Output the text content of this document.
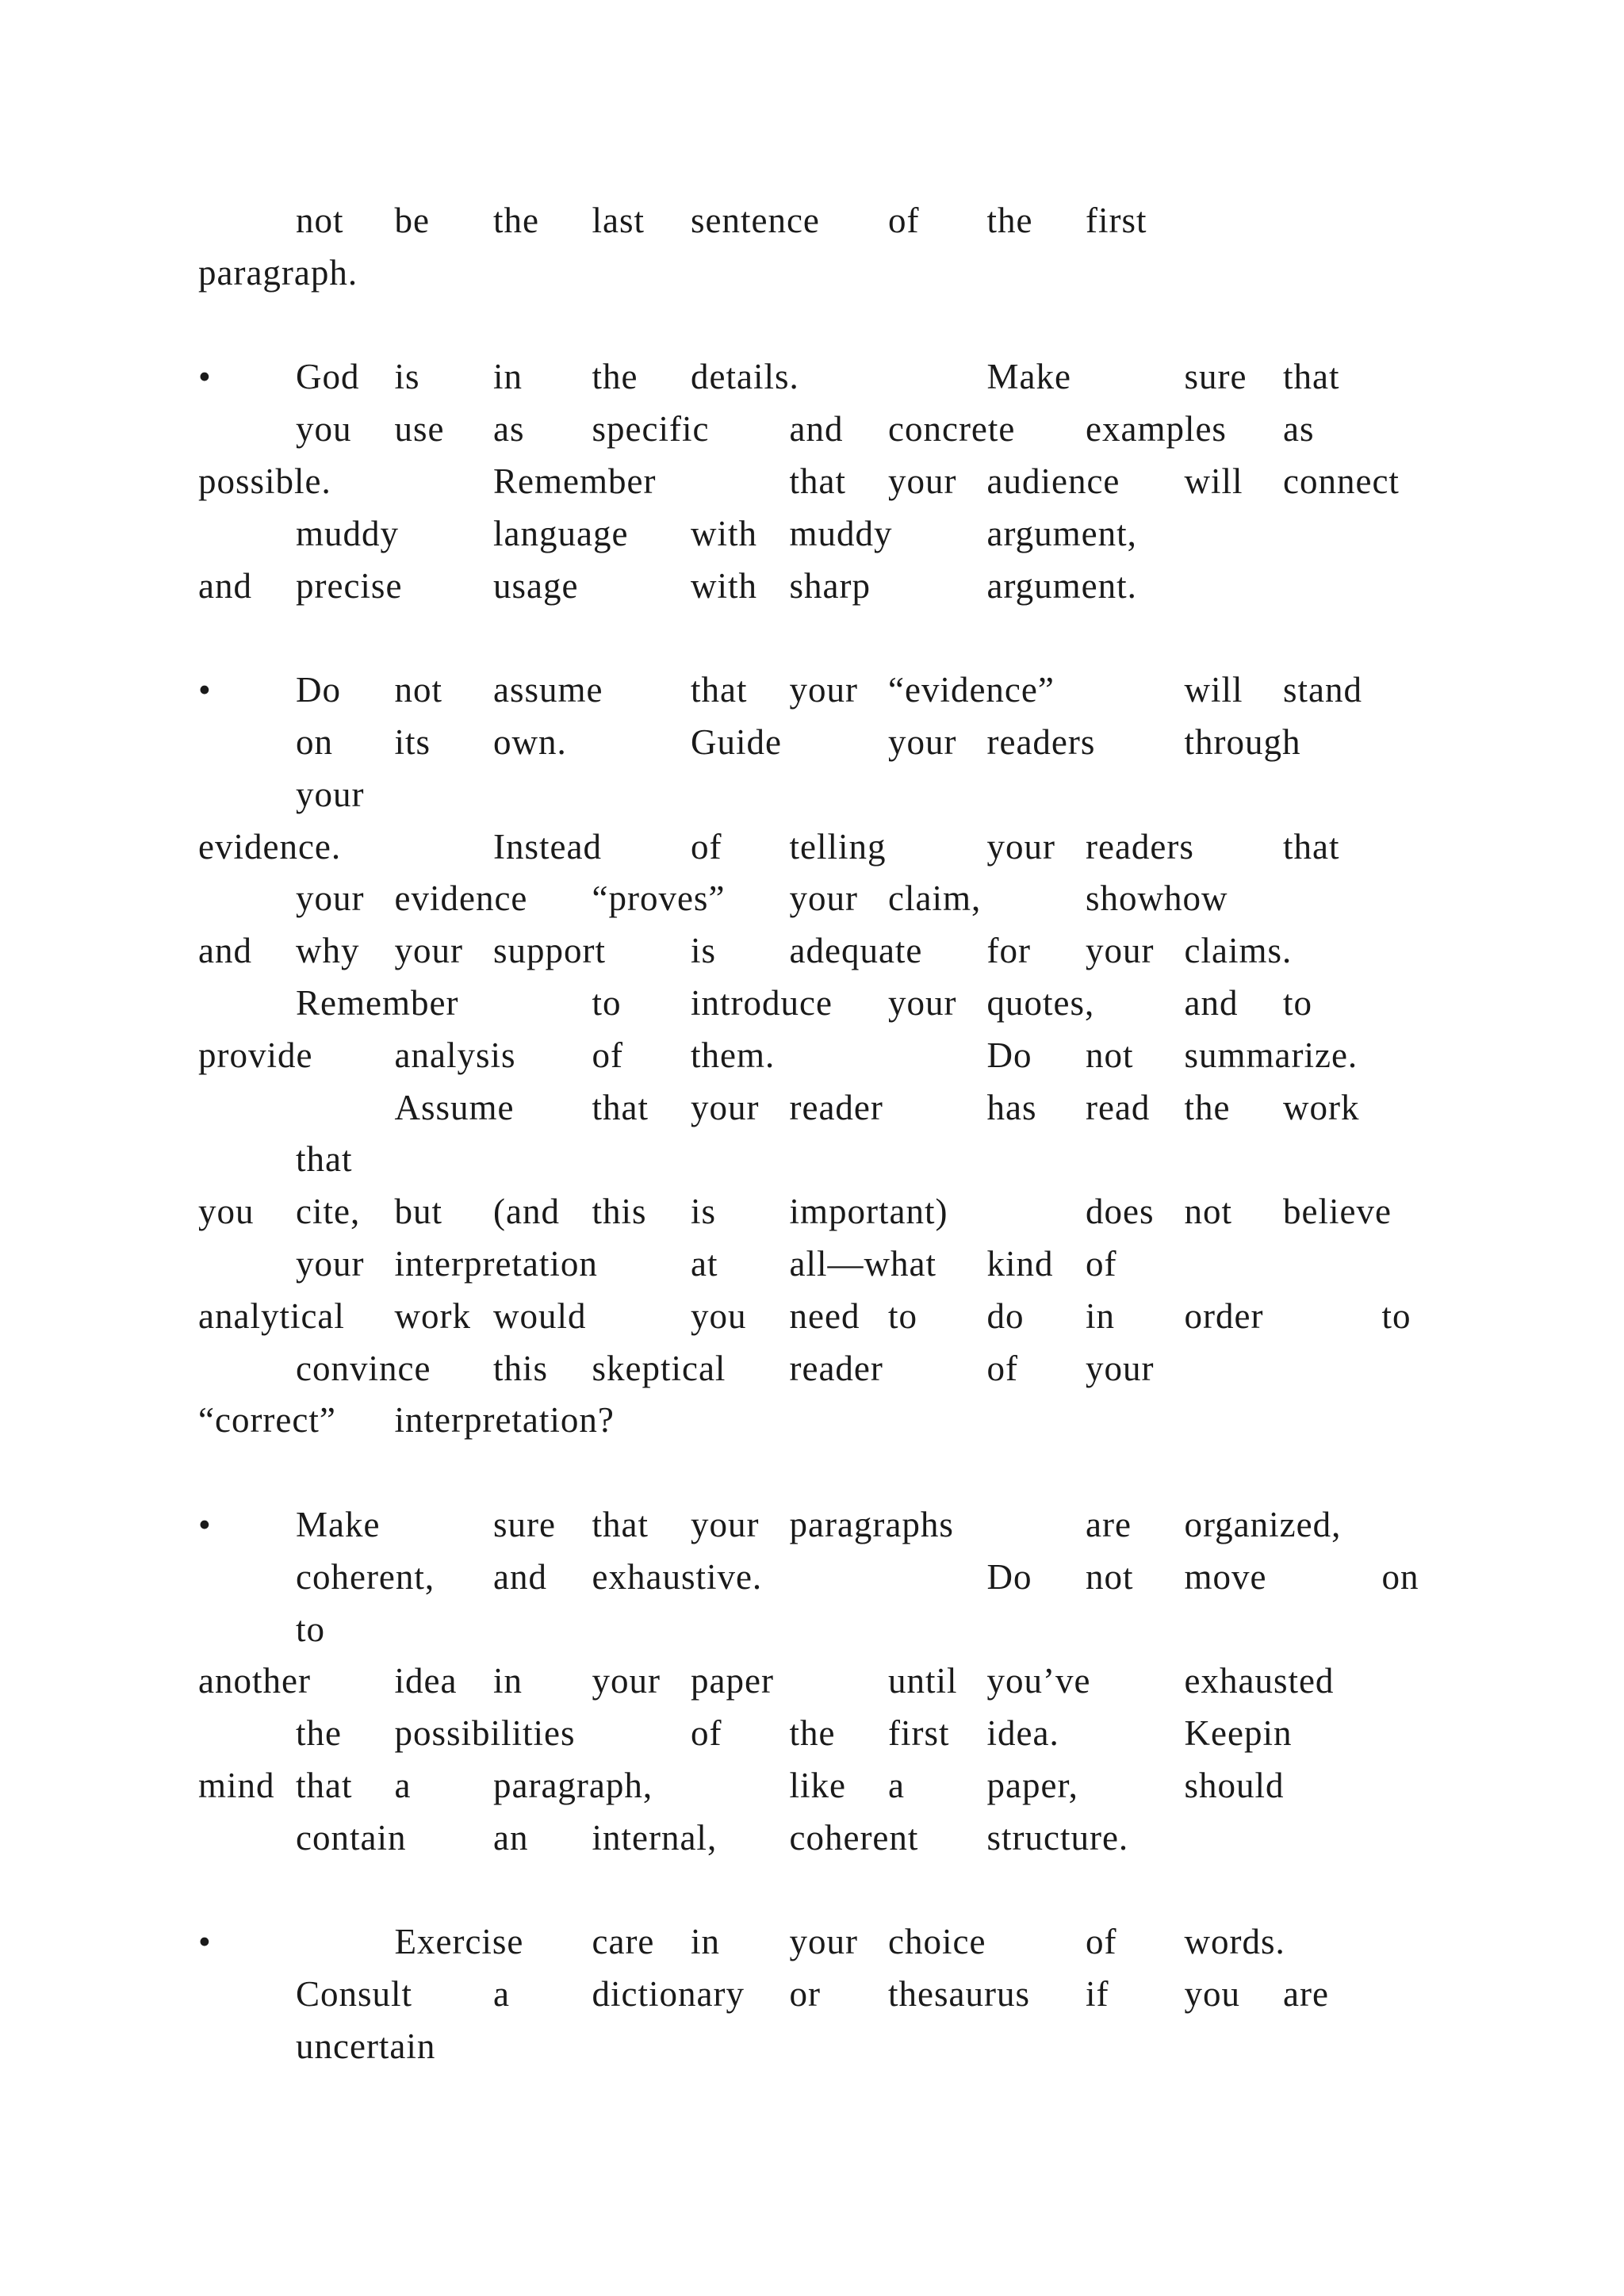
not be the last sentence of the first
paragraph.
• God is in the details.	Make	sure that
you use as specific and concrete examples as
possible.	Remember	that your audience will connect
muddy	language with muddy	argument,
and precise	usage	with sharp	argument.
• Do not assume that your “evidence”	will stand
on its own.	Guide	your readers through
your
evidence.	Instead of telling	your readers that
your evidence “proves” your claim,	showhow
and why your support is adequate for your claims.
Remember	to introduce your quotes,	and to
provide analysis of them.	Do not summarize.
Assume that your reader	has read the work
that
you cite, but (and this is important)	does not believe
your interpretation	at all—what kind of
analytical work would	you need to do in order	to
convince this skeptical reader	of your
“correct” interpretation?
• Make	sure that your paragraphs	are organized,
coherent, and exhaustive.	Do not move	on
to
another idea in your paper	until you’ve	exhausted
the possibilities	of the first idea.	Keepin
mind that a paragraph,	like a paper,	should
contain an internal, coherent structure.
•	Exercise care in your choice	of words.
Consult a dictionary or thesaurus if you are
uncertain
